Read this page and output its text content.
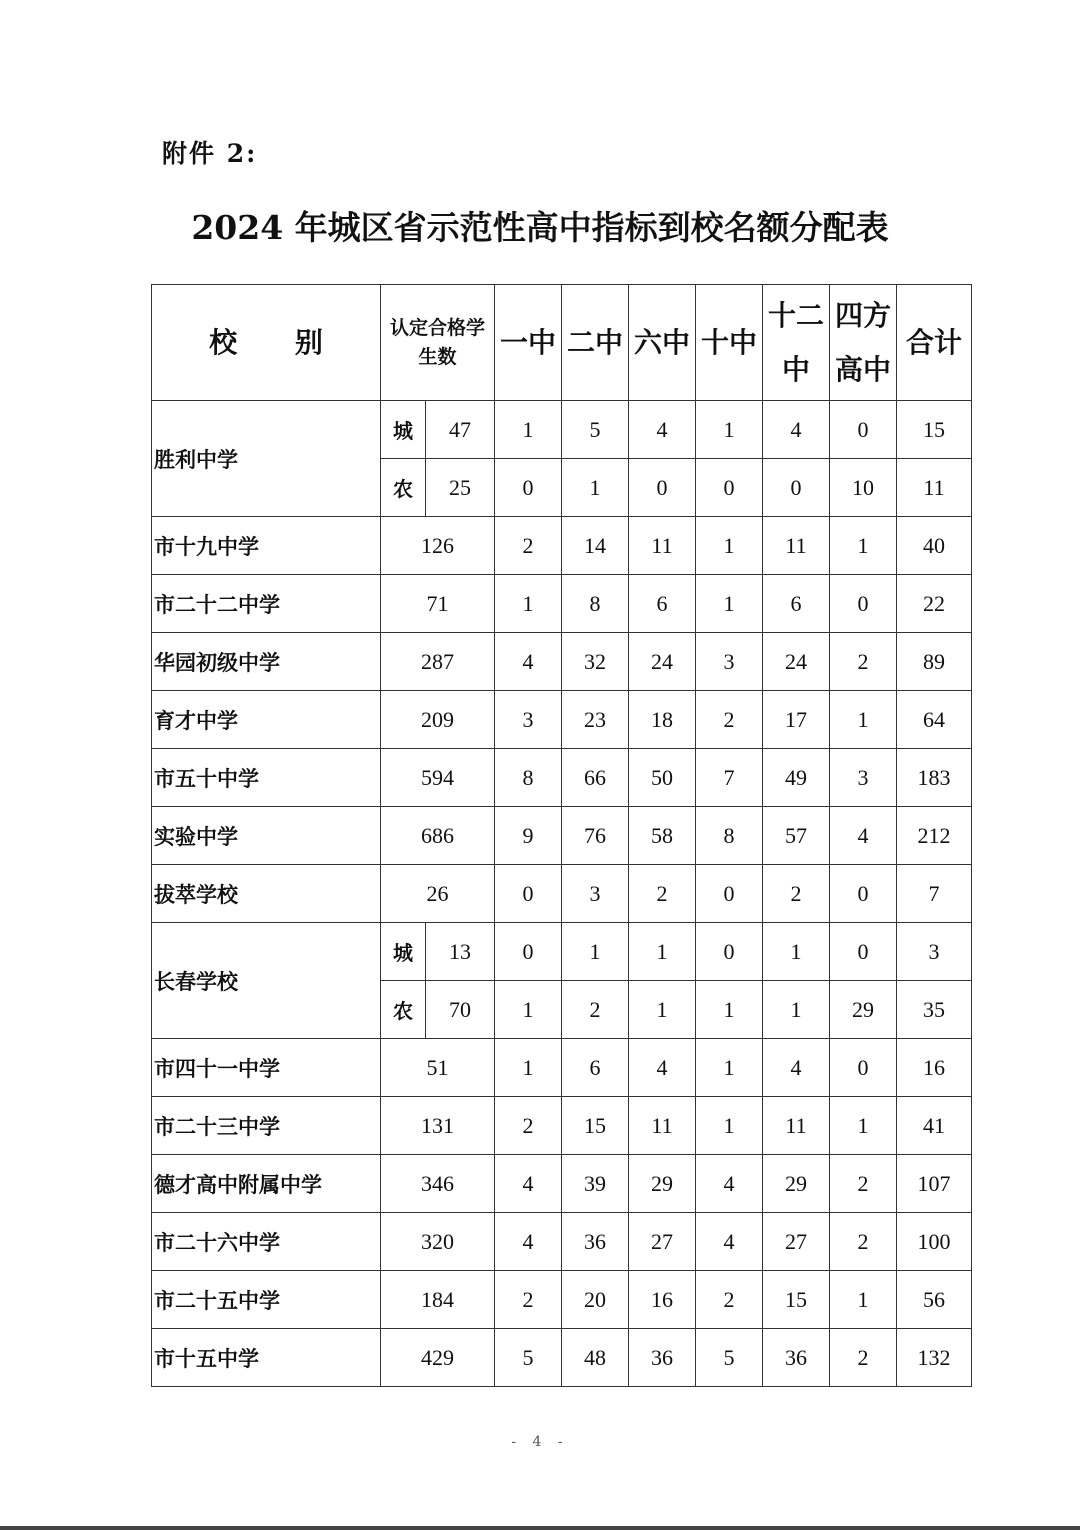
附件 2:
2024 年城区省示范性高中指标到校名额分配表
校 别	认定合格学生数		一中	二中	六中	十中	十二中	四方高中	合计
胜利中学	城	47	1	5	4	1	4	0	15
	农	25	0	1	0	0	0	10	11
市十九中学	126		2	14	11	1	11	1	40
市二十二中学	71		1	8	6	1	6	0	22
华园初级中学	287		4	32	24	3	24	2	89
育才中学	209		3	23	18	2	17	1	64
市五十中学	594		8	66	50	7	49	3	183
实验中学	686		9	76	58	8	57	4	212
拔萃学校	26		0	3	2	0	2	0	7
长春学校	城	13	0	1	1	0	1	0	3
	农	70	1	2	1	1	1	29	35
市四十一中学	51		1	6	4	1	4	0	16
市二十三中学	131		2	15	11	1	11	1	41
德才高中附属中学	346		4	39	29	4	29	2	107
市二十六中学	320		4	36	27	4	27	2	100
市二十五中学	184		2	20	16	2	15	1	56
市十五中学	429		5	48	36	5	36	2	132
- 4 -
